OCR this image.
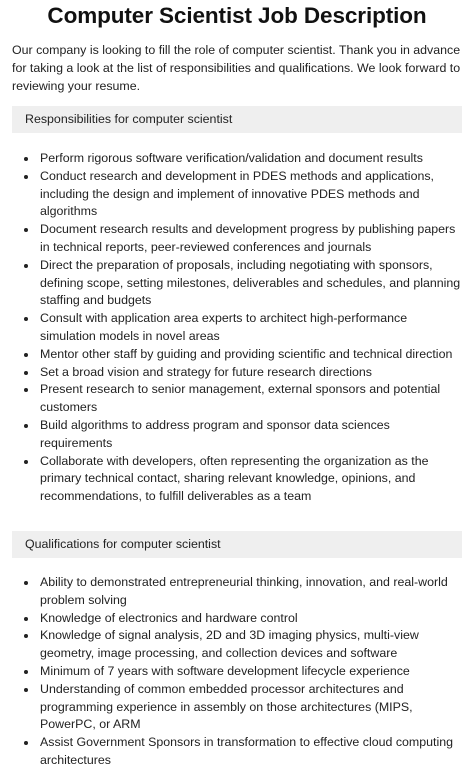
Computer Scientist Job Description

Our company is looking to fill the role of computer scientist. Thank you in advance for taking a look at the list of responsibilities and qualifications. We look forward to reviewing your resume.

Responsibilities for computer scientist
Perform rigorous software verification/validation and document results
Conduct research and development in PDES methods and applications, including the design and implement of innovative PDES methods and algorithms
Document research results and development progress by publishing papers in technical reports, peer-reviewed conferences and journals
Direct the preparation of proposals, including negotiating with sponsors, defining scope, setting milestones, deliverables and schedules, and planning staffing and budgets
Consult with application area experts to architect high-performance simulation models in novel areas
Mentor other staff by guiding and providing scientific and technical direction
Set a broad vision and strategy for future research directions
Present research to senior management, external sponsors and potential customers
Build algorithms to address program and sponsor data sciences requirements
Collaborate with developers, often representing the organization as the primary technical contact, sharing relevant knowledge, opinions, and recommendations, to fulfill deliverables as a team
Qualifications for computer scientist
Ability to demonstrated entrepreneurial thinking, innovation, and real-world problem solving
Knowledge of electronics and hardware control
Knowledge of signal analysis, 2D and 3D imaging physics, multi-view geometry, image processing, and collection devices and software
Minimum of 7 years with software development lifecycle experience
Understanding of common embedded processor architectures and programming experience in assembly on those architectures (MIPS, PowerPC, or ARM
Assist Government Sponsors in transformation to effective cloud computing architectures
